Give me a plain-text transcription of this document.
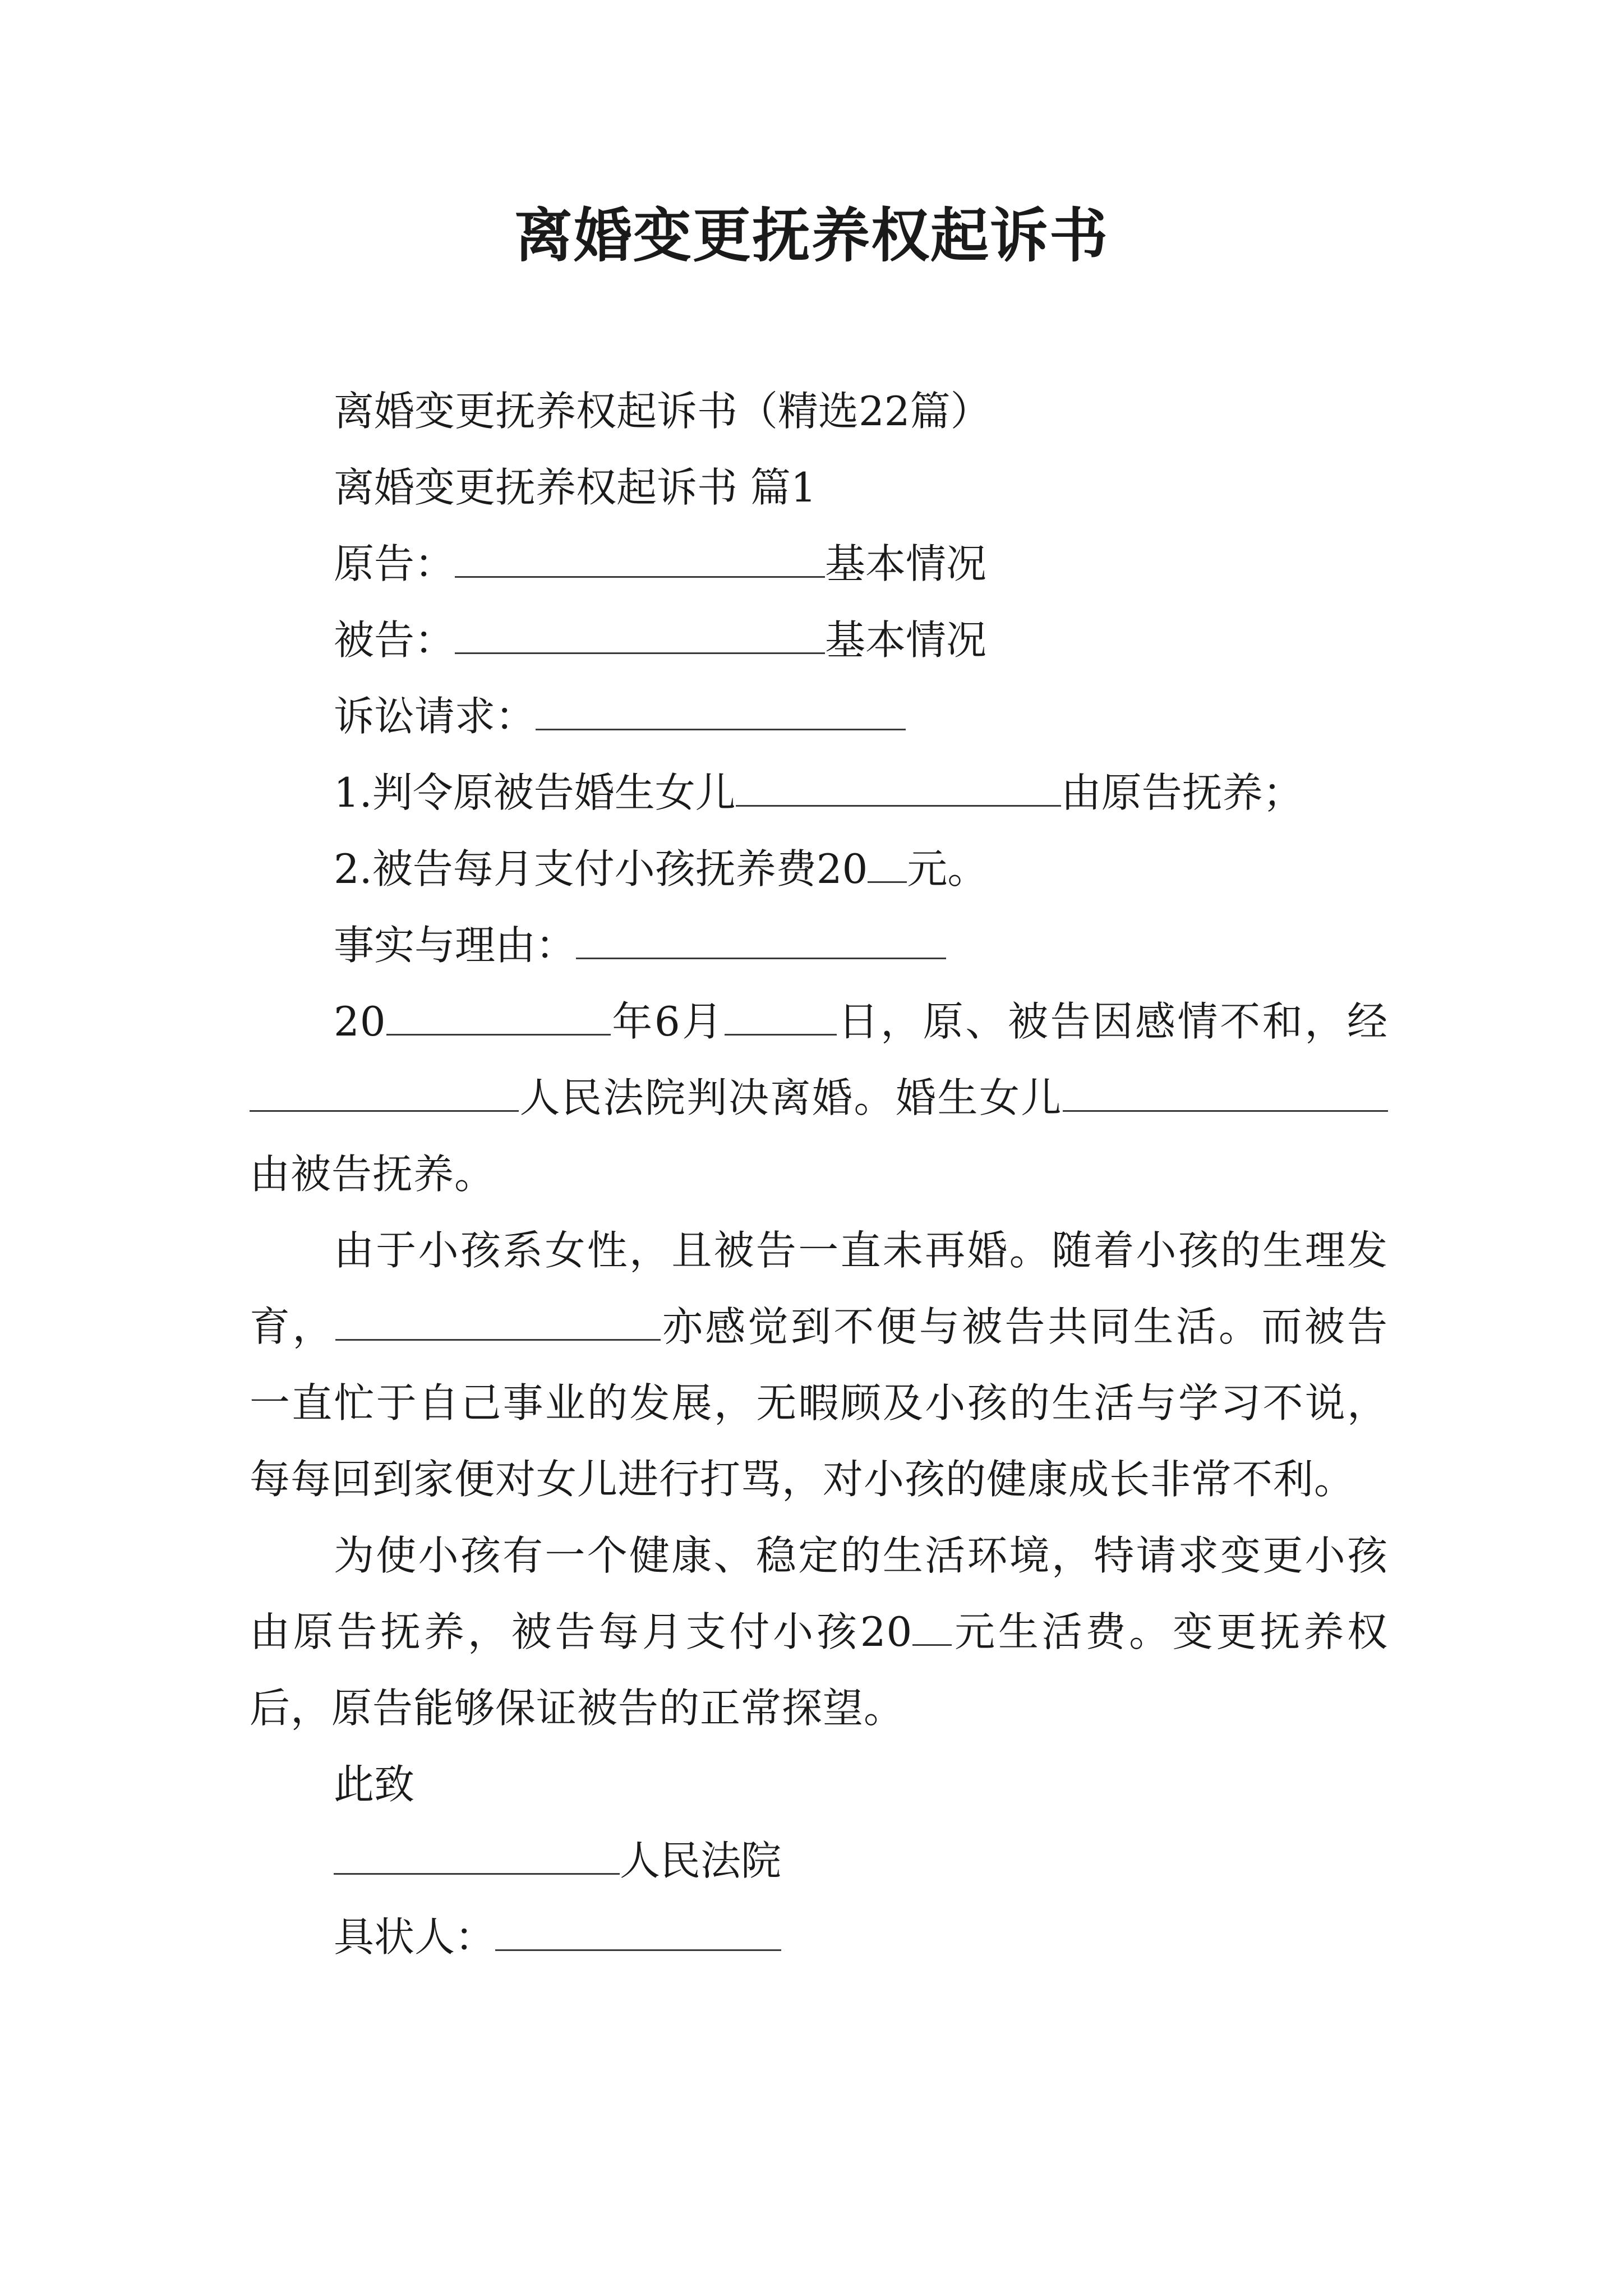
离婚变更抚养权起诉书
离婚变更抚养权起诉书（精选22篇）
离婚变更抚养权起诉书 篇1
原告：	基本情况
被告：	基本情况
诉讼请求：
1.判令原被告婚生女儿	由原告抚养；
2.被告每月支付小孩抚养费20 元。
事实与理由：
20	年6月	日，原、被告因感情不和，经人民法院判决离婚。婚生女儿由被告抚养。
由于小孩系女性，且被告一直未再婚。随着小孩的生理发育，	亦感觉到不便与被告共同生活。而被告一直忙于自己事业的发展，无暇顾及小孩的生活与学习不说，每每回到家便对女儿进行打骂，对小孩的健康成长非常不利。
为使小孩有一个健康、稳定的生活环境，特请求变更小孩由原告抚养，被告每月支付小孩20 元生活费。变更抚养权后，原告能够保证被告的正常探望。
此致
人民法院
具状人：
